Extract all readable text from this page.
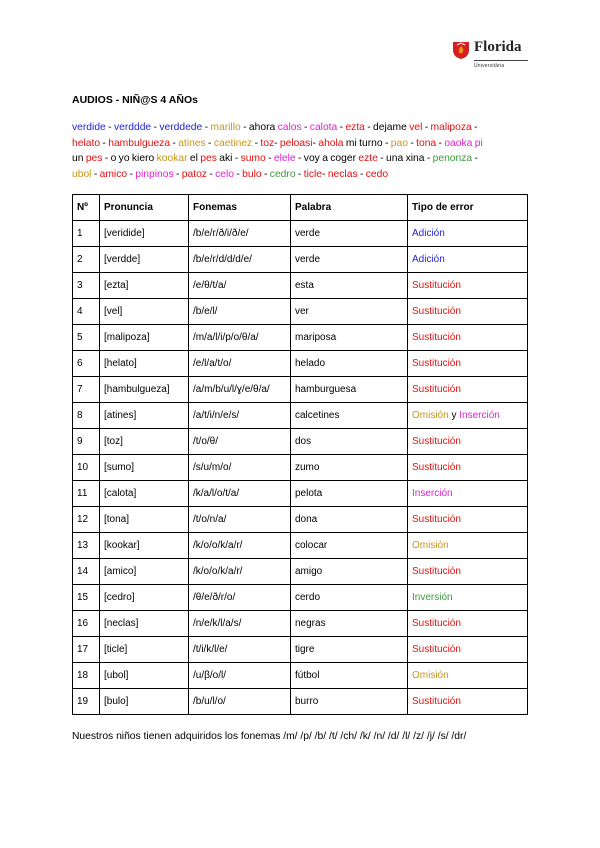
Florida
Universitària
AUDIOS - NIÑ@S 4 AÑOs
verdide - verdddе - verddede - marillo - ahora calos - calota - ezta - dejame vel - malipoza -
helato - hambulgueza - atines - caetinez - toz- peloasi- ahola mi turno - pao - tona - oaoka pi
un pes - o yo kiero kookar el pes aki - sumo - elele - voy a coger ezte - una xina - penonza -
ubol - amico - pinpinos - patoz - celo - bulo - cedro - ticle- neclas - cedo
Nº	Pronuncia	Fonemas	Palabra	Tipo de error
1	[veridide]	/b/e/r/ð/i/ð/e/	verde	Adición
2	[verdde]	/b/e/r/d/d/d/e/	verde	Adición
3	[ezta]	/e/θ/t/a/	esta	Sustitución
4	[vel]	/b/e/l/	ver	Sustitución
5	[malipoza]	/m/a/l/i/p/o/θ/a/	mariposa	Sustitución
6	[helato]	/e/l/a/t/o/	helado	Sustitución
7	[hambulgueza]	/a/m/b/u/l/ɣ/e/θ/a/	hamburguesa	Sustitución
8	[atines]	/a/t/i/n/e/s/	calcetines	Omisión y Inserción
9	[toz]	/t/o/θ/	dos	Sustitución
10	[sumo]	/s/u/m/o/	zumo	Sustitución
11	[calota]	/k/a/l/o/t/a/	pelota	Inserción
12	[tona]	/t/o/n/a/	dona	Sustitución
13	[kookar]	/k/o/o/k/a/r/	colocar	Omisión
14	[amico]	/k/o/o/k/a/r/	amigo	Sustitución
15	[cedro]	/θ/e/ð/r/o/	cerdo	Inversión
16	[neclas]	/n/e/k/l/a/s/	negras	Sustitución
17	[ticle]	/t/i/k/l/e/	tigre	Sustitución
18	[ubol]	/u/β/o/l/	fútbol	Omisión
19	[bulo]	/b/u/l/o/	burro	Sustitución
Nuestros niños tienen adquiridos los fonemas /m/ /p/ /b/ /t/ /ch/ /k/ /n/ /d/ /l/ /z/ /j/ /s/ /dr/
